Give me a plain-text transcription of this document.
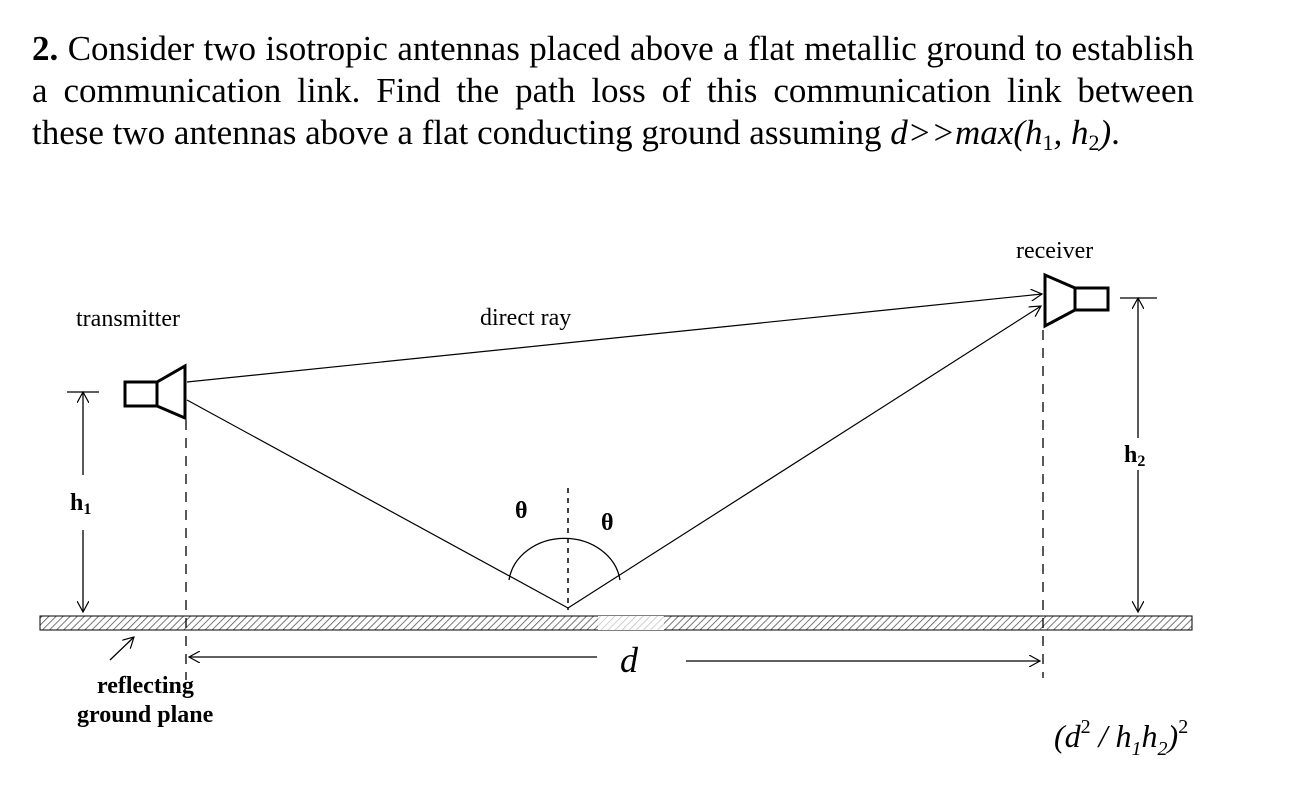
2. Consider two isotropic antennas placed above a flat metallic ground to establish a communication link. Find the path loss of this communication link between these two antennas above a flat conducting ground assuming $d>>\max(h_1$, $h_2$).
transmitter
receiver
direct ray
h1
h2
θ	θ
d
reflecting
ground plane
$(d^2 / h_1h_2)^2$
